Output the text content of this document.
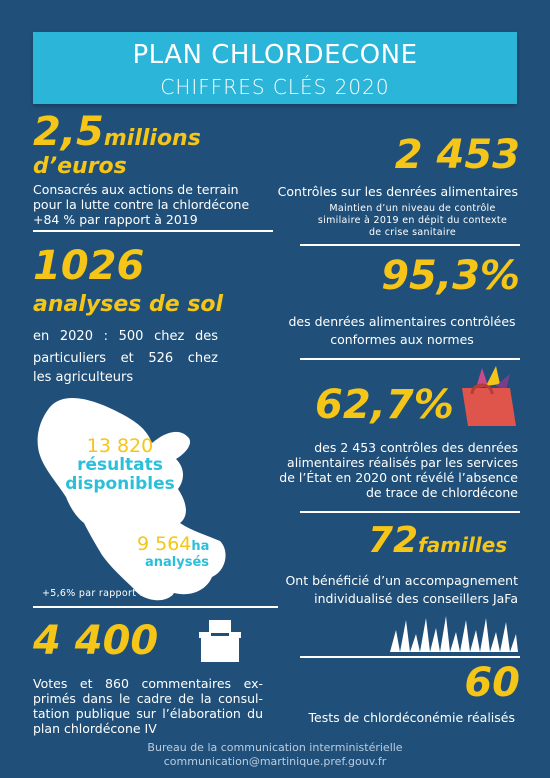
PLAN CHLORDECONE
CHIFFRES CLÉS 2020
2,5millions
d’euros
Consacrés aux actions de terrain
pour la lutte contre la chlordécone
+84 % par rapport à 2019
2 453
Contrôles sur les denrées alimentaires
Maintien d’un niveau de contrôle
similaire à 2019 en dépit du contexte
de crise sanitaire
1026
analyses de sol
en 2020 : 500 chez des
particuliers et 526 chez
les agriculteurs
13 820
résultats
disponibles
9 564ha
analysés
+5,6% par rapport à 2019
95,3%
des denrées alimentaires contrôlées
conformes aux normes
62,7%
des 2 453 contrôles des denrées
alimentaires réalisés par les services
de l’État en 2020 ont révélé l’absence
de trace de chlordécone
72familles
Ont bénéficié d’un accompagnement
individualisé des conseillers JaFa
4 400
Votes et 860 commentaires ex-
primés dans le cadre de la consul-
tation publique sur l’élaboration du
plan chlordécone IV
60
Tests de chlordéconémie réalisés
Bureau de la communication interministérielle
communication@martinique.pref.gouv.fr
